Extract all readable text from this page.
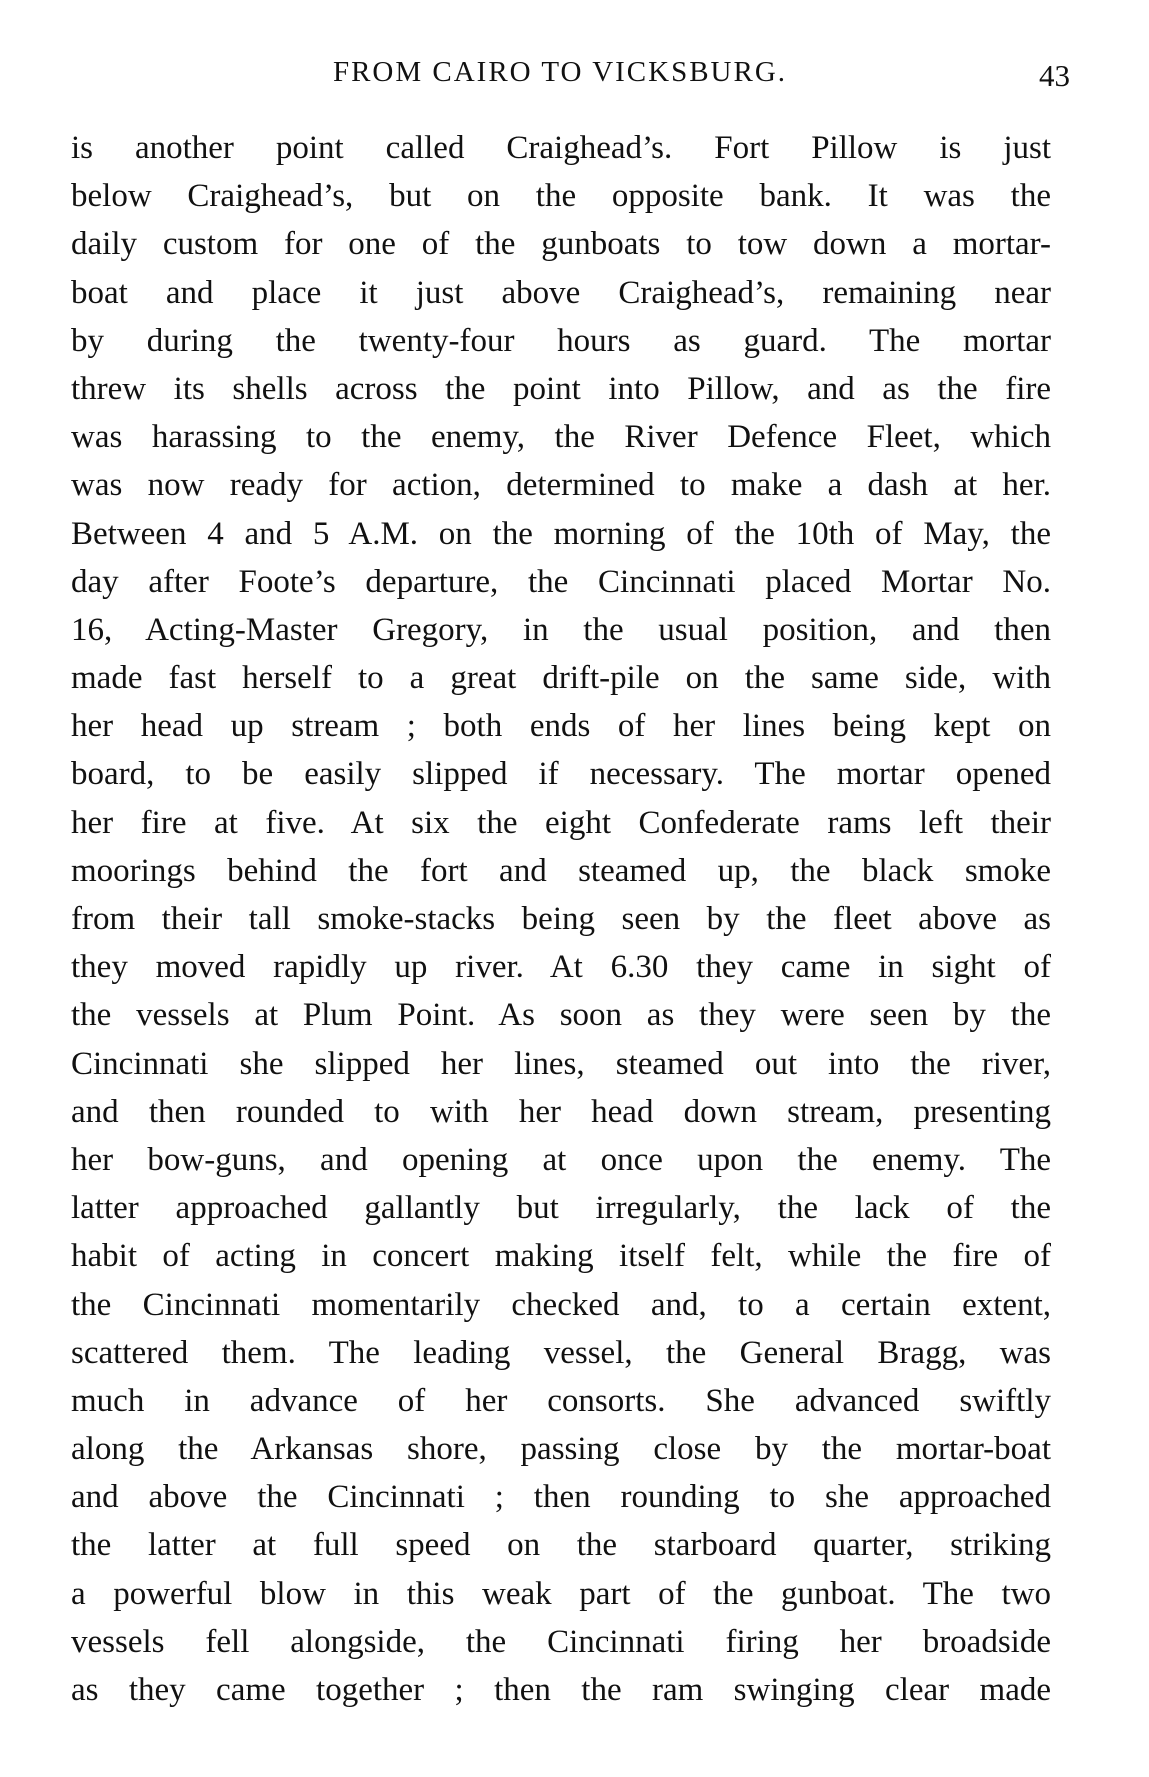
FROM CAIRO TO VICKSBURG.	43
is another point called Craighead’s. Fort Pillow is just
below Craighead’s, but on the opposite bank. It was the
daily custom for one of the gunboats to tow down a mortar-
boat and place it just above Craighead’s, remaining near
by during the twenty-four hours as guard. The mortar
threw its shells across the point into Pillow, and as the fire
was harassing to the enemy, the River Defence Fleet, which
was now ready for action, determined to make a dash at her.
Between 4 and 5 A.M. on the morning of the 10th of May, the
day after Foote’s departure, the Cincinnati placed Mortar No.
16, Acting-Master Gregory, in the usual position, and then
made fast herself to a great drift-pile on the same side, with
her head up stream ; both ends of her lines being kept on
board, to be easily slipped if necessary. The mortar opened
her fire at five. At six the eight Confederate rams left their
moorings behind the fort and steamed up, the black smoke
from their tall smoke-stacks being seen by the fleet above as
they moved rapidly up river. At 6.30 they came in sight of
the vessels at Plum Point. As soon as they were seen by the
Cincinnati she slipped her lines, steamed out into the river,
and then rounded to with her head down stream, presenting
her bow-guns, and opening at once upon the enemy. The
latter approached gallantly but irregularly, the lack of the
habit of acting in concert making itself felt, while the fire of
the Cincinnati momentarily checked and, to a certain extent,
scattered them. The leading vessel, the General Bragg, was
much in advance of her consorts. She advanced swiftly
along the Arkansas shore, passing close by the mortar-boat
and above the Cincinnati ; then rounding to she approached
the latter at full speed on the starboard quarter, striking
a powerful blow in this weak part of the gunboat. The two
vessels fell alongside, the Cincinnati firing her broadside
as they came together ; then the ram swinging clear made
